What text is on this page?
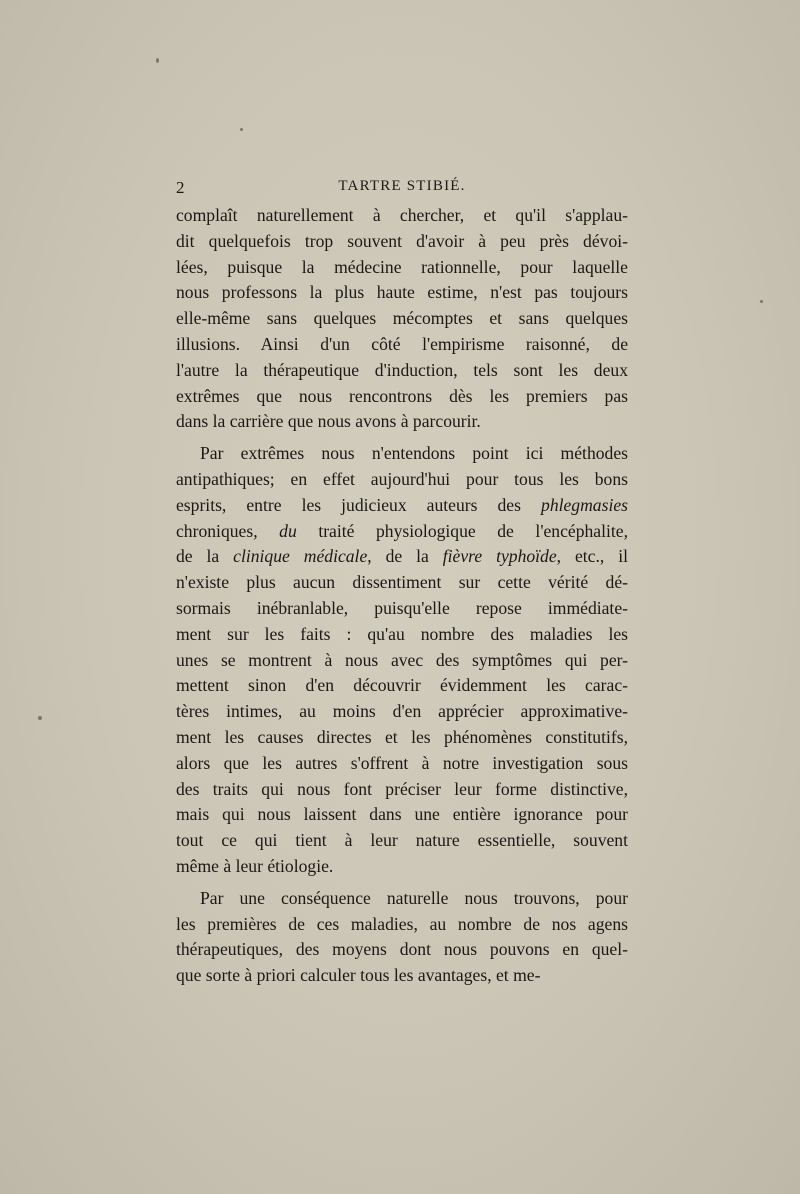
2	TARTRE STIBIÉ.
complaît naturellement à chercher, et qu'il s'applau-
dit quelquefois trop souvent d'avoir à peu près dévoi-
lées, puisque la médecine rationnelle, pour laquelle
nous professons la plus haute estime, n'est pas toujours
elle-même sans quelques mécomptes et sans quelques
illusions. Ainsi d'un côté l'empirisme raisonné, de
l'autre la thérapeutique d'induction, tels sont les deux
extrêmes que nous rencontrons dès les premiers pas
dans la carrière que nous avons à parcourir.
Par extrêmes nous n'entendons point ici méthodes
antipathiques; en effet aujourd'hui pour tous les bons
esprits, entre les judicieux auteurs des phlegmasies
chroniques, du traité physiologique de l'encéphalite,
de la clinique médicale, de la fièvre typhoïde, etc., il
n'existe plus aucun dissentiment sur cette vérité dé-
sormais inébranlable, puisqu'elle repose immédiate-
ment sur les faits : qu'au nombre des maladies les
unes se montrent à nous avec des symptômes qui per-
mettent sinon d'en découvrir évidemment les carac-
tères intimes, au moins d'en apprécier approximative-
ment les causes directes et les phénomènes constitutifs,
alors que les autres s'offrent à notre investigation sous
des traits qui nous font préciser leur forme distinctive,
mais qui nous laissent dans une entière ignorance pour
tout ce qui tient à leur nature essentielle, souvent
même à leur étiologie.
Par une conséquence naturelle nous trouvons, pour
les premières de ces maladies, au nombre de nos agens
thérapeutiques, des moyens dont nous pouvons en quel-
que sorte à priori calculer tous les avantages, et me-
